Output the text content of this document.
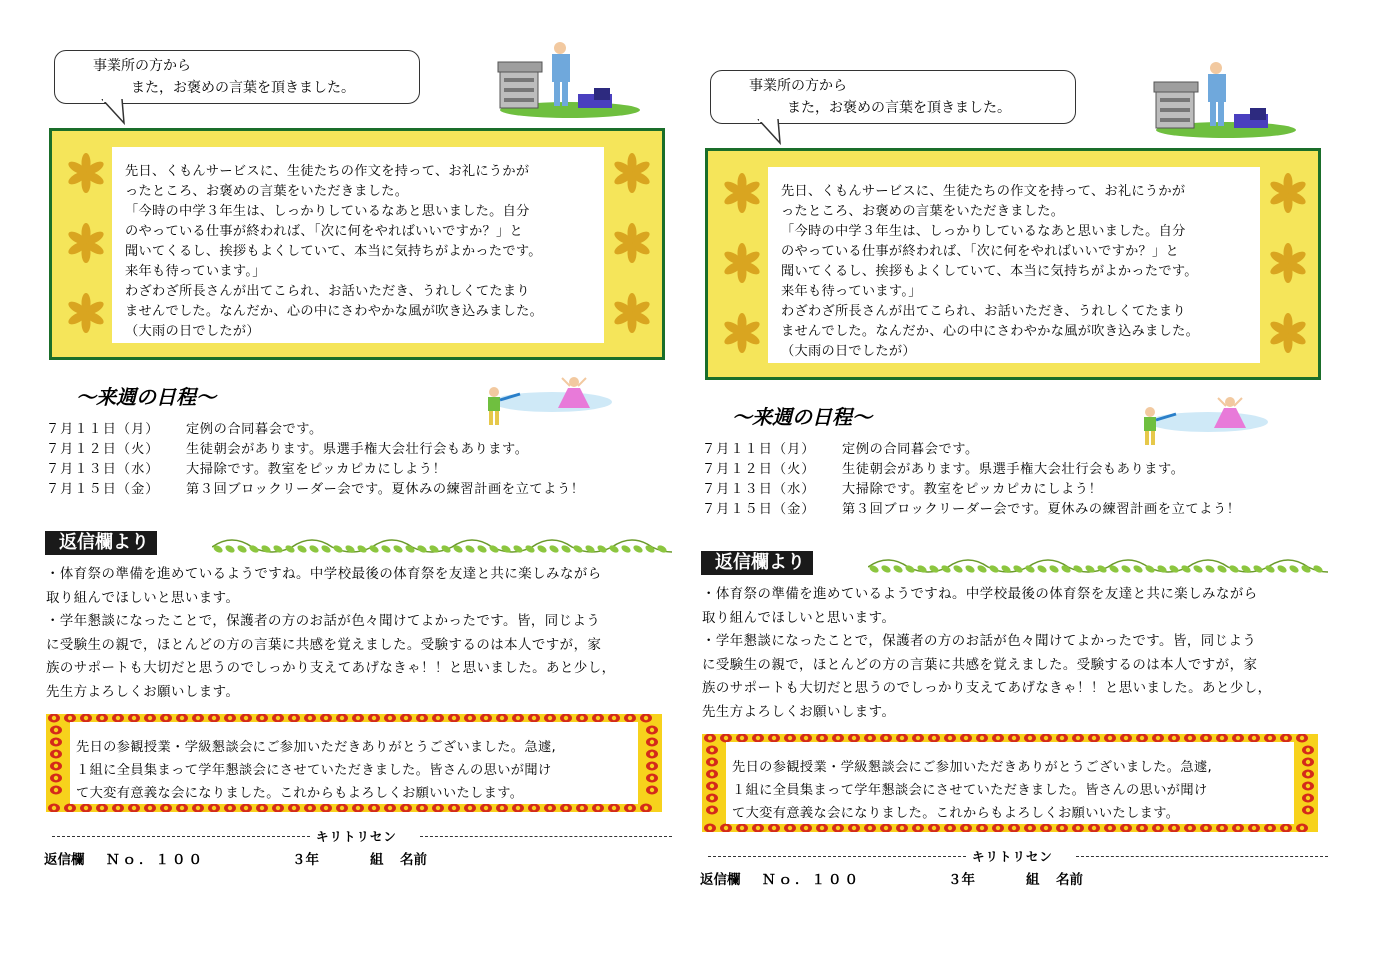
事業所の方から
また，お褒めの言葉を頂きました。
先日、くもんサービスに、生徒たちの作文を持って、お礼にうかが
ったところ、お褒めの言葉をいただきました。
「今時の中学３年生は、しっかりしているなあと思いました。自分
のやっている仕事が終われば、「次に何をやればいいですか？」と
聞いてくるし、挨拶もよくしていて、本当に気持ちがよかったです。
来年も待っています。」
わざわざ所長さんが出てこられ、お話いただき、うれしくてたまり
ませんでした。なんだか、心の中にさわやかな風が吹き込みました。
（大雨の日でしたが）
～来週の日程～
７月１１日（月） 定例の合同暮会です。
７月１２日（火） 生徒朝会があります。県選手権大会壮行会もあります。
７月１３日（水） 大掃除です。教室をピッカピカにしよう！
７月１５日（金） 第３回ブロックリーダー会です。夏休みの練習計画を立てよう！
返信欄より
・体育祭の準備を進めているようですね。中学校最後の体育祭を友達と共に楽しみながら
取り組んでほしいと思います。
・学年懇談になったことで，保護者の方のお話が色々聞けてよかったです。皆，同じよう
に受験生の親で，ほとんどの方の言葉に共感を覚えました。受験するのは本人ですが，家
族のサポートも大切だと思うのでしっかり支えてあげなきゃ！！と思いました。あと少し，
先生方よろしくお願いします。
先日の参観授業・学級懇談会にご参加いただきありがとうございました。急遽,
１組に全員集まって学年懇談会にさせていただきました。皆さんの思いが聞け
て大変有意義な会になりました。これからもよろしくお願いいたします。
キリトリセン
返信欄 Ｎｏ．１００	３年	組 名前
事業所の方から
また，お褒めの言葉を頂きました。
先日、くもんサービスに、生徒たちの作文を持って、お礼にうかが
ったところ、お褒めの言葉をいただきました。
「今時の中学３年生は、しっかりしているなあと思いました。自分
のやっている仕事が終われば、「次に何をやればいいですか？」と
聞いてくるし、挨拶もよくしていて、本当に気持ちがよかったです。
来年も待っています。」
わざわざ所長さんが出てこられ、お話いただき、うれしくてたまり
ませんでした。なんだか、心の中にさわやかな風が吹き込みました。
（大雨の日でしたが）
～来週の日程～
７月１１日（月） 定例の合同暮会です。
７月１２日（火） 生徒朝会があります。県選手権大会壮行会もあります。
７月１３日（水） 大掃除です。教室をピッカピカにしよう！
７月１５日（金） 第３回ブロックリーダー会です。夏休みの練習計画を立てよう！
返信欄より
・体育祭の準備を進めているようですね。中学校最後の体育祭を友達と共に楽しみながら
取り組んでほしいと思います。
・学年懇談になったことで，保護者の方のお話が色々聞けてよかったです。皆，同じよう
に受験生の親で，ほとんどの方の言葉に共感を覚えました。受験するのは本人ですが，家
族のサポートも大切だと思うのでしっかり支えてあげなきゃ！！と思いました。あと少し，
先生方よろしくお願いします。
先日の参観授業・学級懇談会にご参加いただきありがとうございました。急遽,
１組に全員集まって学年懇談会にさせていただきました。皆さんの思いが聞け
て大変有意義な会になりました。これからもよろしくお願いいたします。
キリトリセン
返信欄 Ｎｏ．１００	３年	組 名前
